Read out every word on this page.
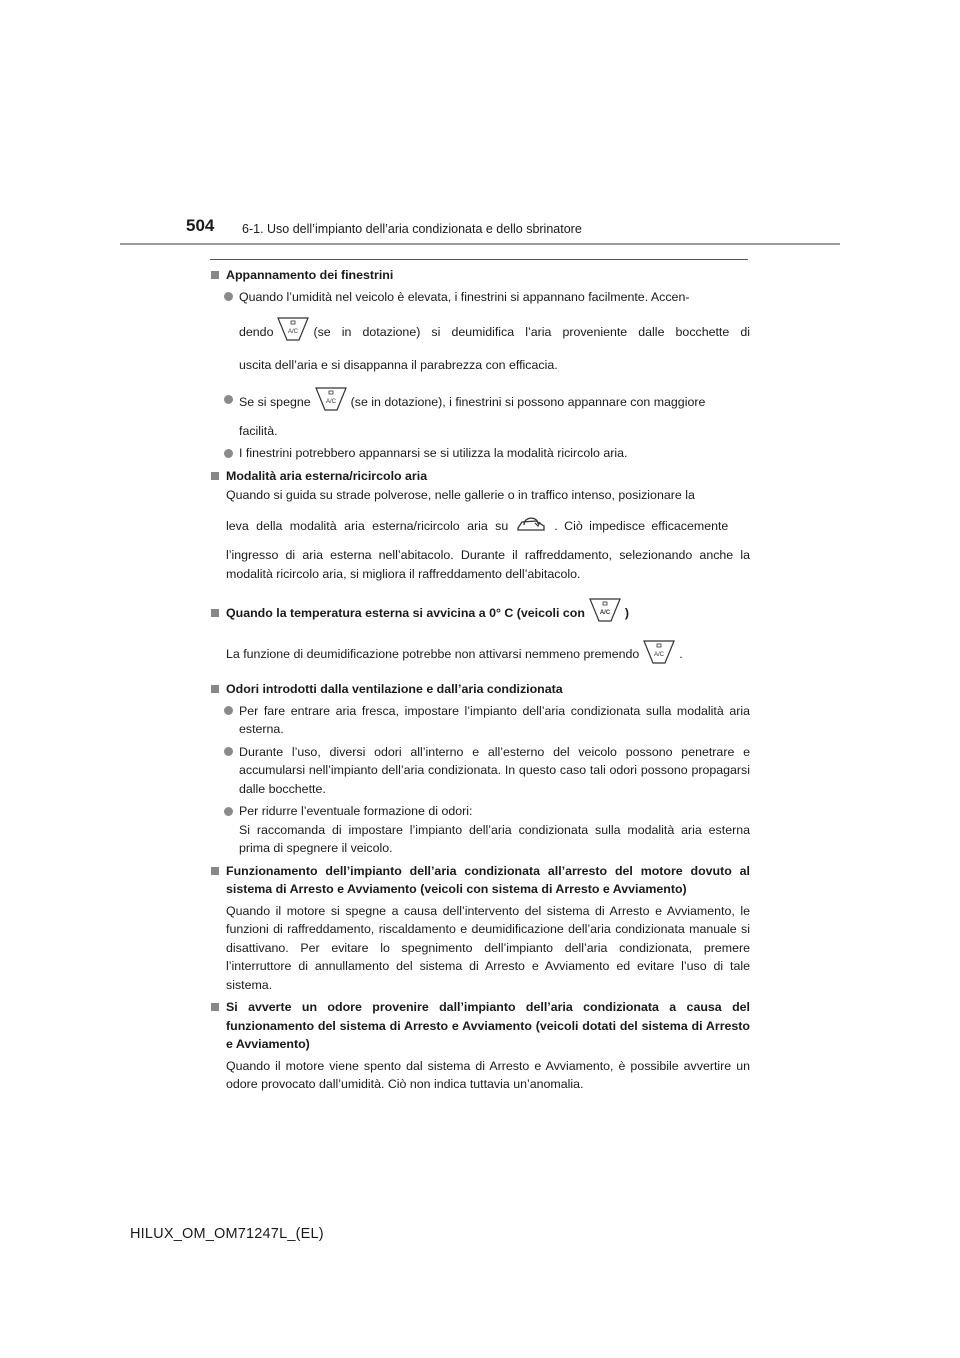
504 6-1. Uso dell’impianto dell’aria condizionata e dello sbrinatore
Appannamento dei finestrini
Quando l’umidità nel veicolo è elevata, i finestrini si appannano facilmente. Accen-
dendo A/C (se in dotazione) si deumidifica l’aria proveniente dalle bocchette di
uscita dell’aria e si disappanna il parabrezza con efficacia.
Se si spegne A/C (se in dotazione), i finestrini si possono appannare con maggiore
facilità.
I finestrini potrebbero appannarsi se si utilizza la modalità ricircolo aria.
Modalità aria esterna/ricircolo aria
Quando si guida su strade polverose, nelle gallerie o in traffico intenso, posizionare la
leva della modalità aria esterna/ricircolo aria su	. Ciò impedisce efficacemente
l’ingresso di aria esterna nell’abitacolo. Durante il raffreddamento, selezionando anche la modalità ricircolo aria, si migliora il raffreddamento dell’abitacolo.
Quando la temperatura esterna si avvicina a 0° C (veicoli con A/C )
La funzione di deumidificazione potrebbe non attivarsi nemmeno premendo A/C .
Odori introdotti dalla ventilazione e dall’aria condizionata
Per fare entrare aria fresca, impostare l’impianto dell’aria condizionata sulla modalità aria esterna.
Durante l’uso, diversi odori all’interno e all’esterno del veicolo possono penetrare e accumularsi nell’impianto dell’aria condizionata. In questo caso tali odori possono propagarsi dalle bocchette.
Per ridurre l’eventuale formazione di odori:
Si raccomanda di impostare l’impianto dell’aria condizionata sulla modalità aria esterna prima di spegnere il veicolo.
Funzionamento dell’impianto dell’aria condizionata all’arresto del motore dovuto al sistema di Arresto e Avviamento (veicoli con sistema di Arresto e Avviamento)
Quando il motore si spegne a causa dell’intervento del sistema di Arresto e Avviamento, le funzioni di raffreddamento, riscaldamento e deumidificazione dell’aria condizionata manuale si disattivano. Per evitare lo spegnimento dell’impianto dell’aria condizionata, premere l’interruttore di annullamento del sistema di Arresto e Avviamento ed evitare l’uso di tale sistema.
Si avverte un odore provenire dall’impianto dell’aria condizionata a causa del funzionamento del sistema di Arresto e Avviamento (veicoli dotati del sistema di Arresto e Avviamento)
Quando il motore viene spento dal sistema di Arresto e Avviamento, è possibile avvertire un odore provocato dall’umidità. Ciò non indica tuttavia un’anomalia.
HILUX_OM_OM71247L_(EL)
